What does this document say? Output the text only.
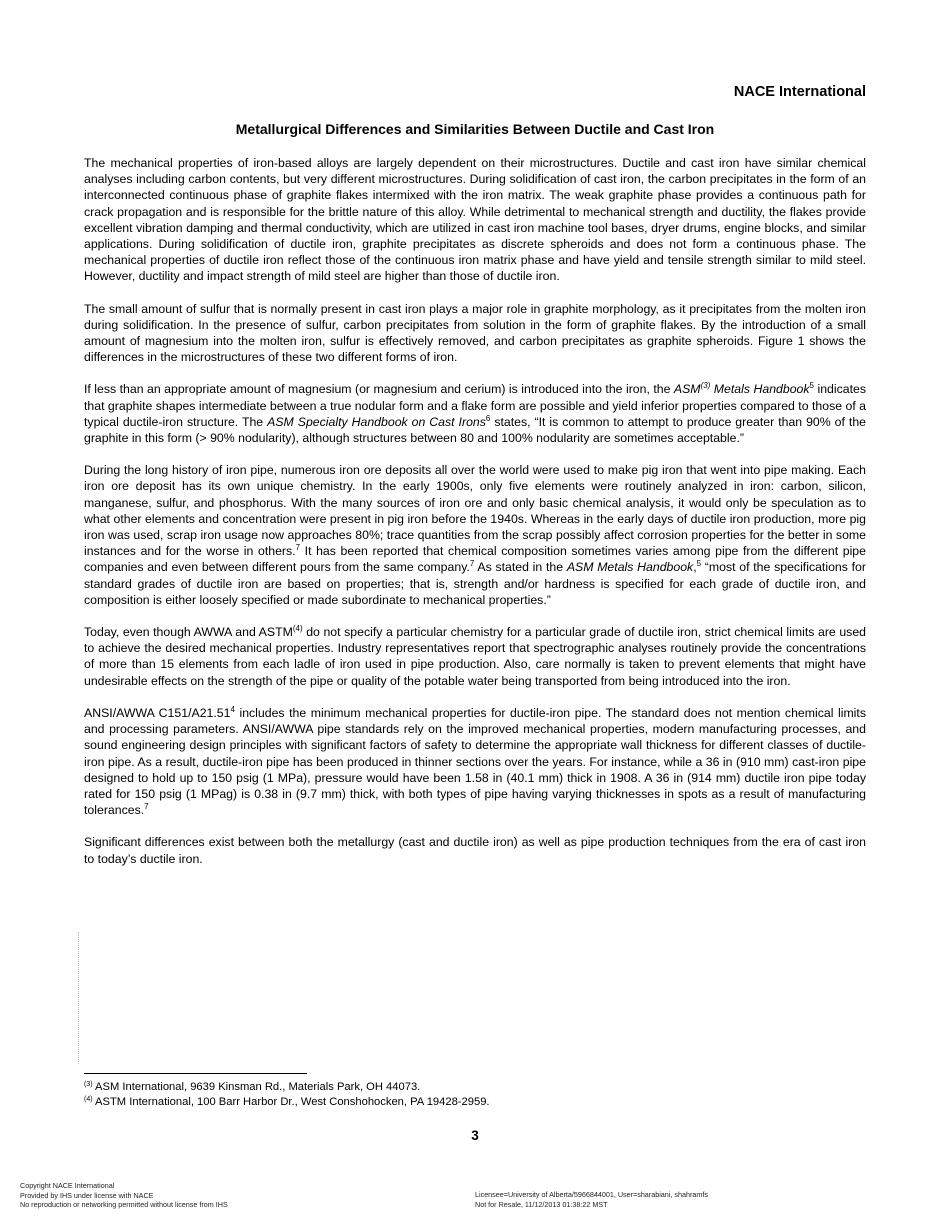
NACE International
Metallurgical Differences and Similarities Between Ductile and Cast Iron

The mechanical properties of iron-based alloys are largely dependent on their microstructures. Ductile and cast iron have similar chemical analyses including carbon contents, but very different microstructures. During solidification of cast iron, the carbon precipitates in the form of an interconnected continuous phase of graphite flakes intermixed with the iron matrix. The weak graphite phase provides a continuous path for crack propagation and is responsible for the brittle nature of this alloy. While detrimental to mechanical strength and ductility, the flakes provide excellent vibration damping and thermal conductivity, which are utilized in cast iron machine tool bases, dryer drums, engine blocks, and similar applications. During solidification of ductile iron, graphite precipitates as discrete spheroids and does not form a continuous phase. The mechanical properties of ductile iron reflect those of the continuous iron matrix phase and have yield and tensile strength similar to mild steel. However, ductility and impact strength of mild steel are higher than those of ductile iron.

The small amount of sulfur that is normally present in cast iron plays a major role in graphite morphology, as it precipitates from the molten iron during solidification. In the presence of sulfur, carbon precipitates from solution in the form of graphite flakes. By the introduction of a small amount of magnesium into the molten iron, sulfur is effectively removed, and carbon precipitates as graphite spheroids. Figure 1 shows the differences in the microstructures of these two different forms of iron.

If less than an appropriate amount of magnesium (or magnesium and cerium) is introduced into the iron, the ASM$^{(3)}$ Metals Handbook$^5$ indicates that graphite shapes intermediate between a true nodular form and a flake form are possible and yield inferior properties compared to those of a typical ductile-iron structure. The ASM Specialty Handbook on Cast Irons$^6$ states, “It is common to attempt to produce greater than 90% of the graphite in this form (> 90% nodularity), although structures between 80 and 100% nodularity are sometimes acceptable.”

During the long history of iron pipe, numerous iron ore deposits all over the world were used to make pig iron that went into pipe making. Each iron ore deposit has its own unique chemistry. In the early 1900s, only five elements were routinely analyzed in iron: carbon, silicon, manganese, sulfur, and phosphorus. With the many sources of iron ore and only basic chemical analysis, it would only be speculation as to what other elements and concentration were present in pig iron before the 1940s. Whereas in the early days of ductile iron production, more pig iron was used, scrap iron usage now approaches 80%; trace quantities from the scrap possibly affect corrosion properties for the better in some instances and for the worse in others.$^7$ It has been reported that chemical composition sometimes varies among pipe from the different pipe companies and even between different pours from the same company.$^7$ As stated in the ASM Metals Handbook,$^5$ “most of the specifications for standard grades of ductile iron are based on properties; that is, strength and/or hardness is specified for each grade of ductile iron, and composition is either loosely specified or made subordinate to mechanical properties.”

Today, even though AWWA and ASTM$^{(4)}$ do not specify a particular chemistry for a particular grade of ductile iron, strict chemical limits are used to achieve the desired mechanical properties. Industry representatives report that spectrographic analyses routinely provide the concentrations of more than 15 elements from each ladle of iron used in pipe production. Also, care normally is taken to prevent elements that might have undesirable effects on the strength of the pipe or quality of the potable water being transported from being introduced into the iron.

ANSI/AWWA C151/A21.51$^4$ includes the minimum mechanical properties for ductile-iron pipe. The standard does not mention chemical limits and processing parameters. ANSI/AWWA pipe standards rely on the improved mechanical properties, modern manufacturing processes, and sound engineering design principles with significant factors of safety to determine the appropriate wall thickness for different classes of ductile-iron pipe. As a result, ductile-iron pipe has been produced in thinner sections over the years. For instance, while a 36 in (910 mm) cast-iron pipe designed to hold up to 150 psig (1 MPa), pressure would have been 1.58 in (40.1 mm) thick in 1908. A 36 in (914 mm) ductile iron pipe today rated for 150 psig (1 MPag) is 0.38 in (9.7 mm) thick, with both types of pipe having varying thicknesses in spots as a result of manufacturing tolerances.$^7$

Significant differences exist between both the metallurgy (cast and ductile iron) as well as pipe production techniques from the era of cast iron to today’s ductile iron.

$^{(3)}$ ASM International, 9639 Kinsman Rd., Materials Park, OH 44073.
$^{(4)}$ ASTM International, 100 Barr Harbor Dr., West Conshohocken, PA 19428-2959.
3
Copyright NACE International
Provided by IHS under license with NACE
No reproduction or networking permitted without license from IHS
Licensee=University of Alberta/5966844001, User=sharabiani, shahramfs
Not for Resale, 11/12/2013 01:38:22 MST
